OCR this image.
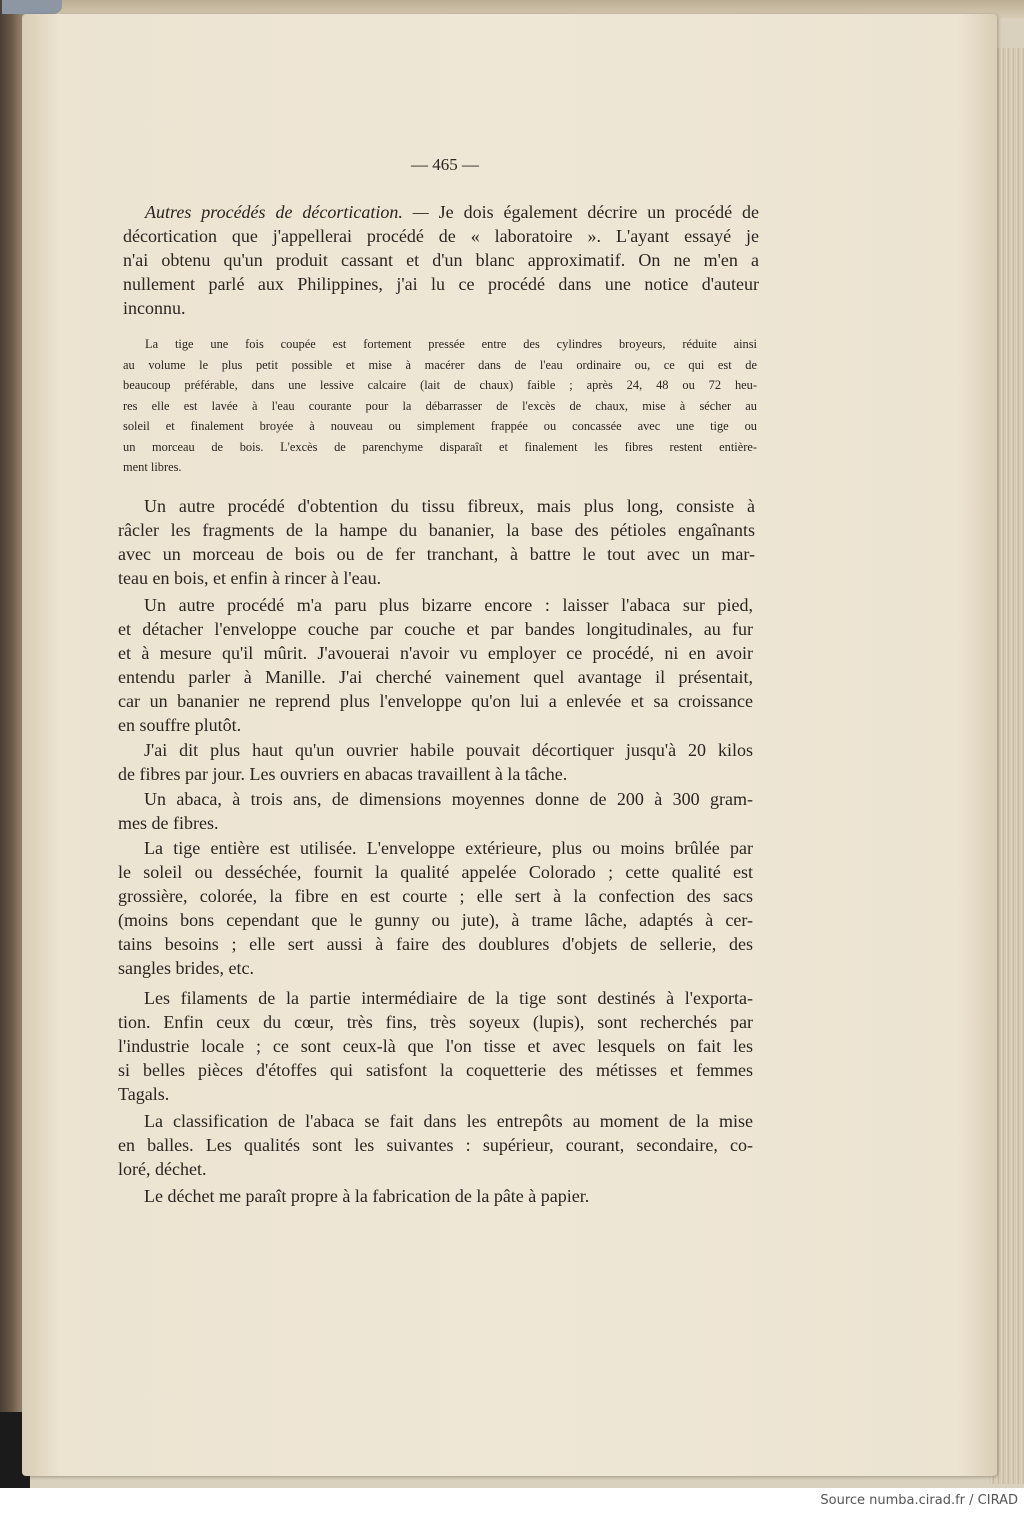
— 465 —
Autres procédés de décortication. — Je dois également décrire un procédé de
décortication que j'appellerai procédé de « laboratoire ». L'ayant essayé je
n'ai obtenu qu'un produit cassant et d'un blanc approximatif. On ne m'en a
nullement parlé aux Philippines, j'ai lu ce procédé dans une notice d'auteur
inconnu.
La tige une fois coupée est fortement pressée entre des cylindres broyeurs, réduite ainsi
au volume le plus petit possible et mise à macérer dans de l'eau ordinaire ou, ce qui est de
beaucoup préférable, dans une lessive calcaire (lait de chaux) faible ; après 24, 48 ou 72 heu-
res elle est lavée à l'eau courante pour la débarrasser de l'excès de chaux, mise à sécher au
soleil et finalement broyée à nouveau ou simplement frappée ou concassée avec une tige ou
un morceau de bois. L'excès de parenchyme disparaît et finalement les fibres restent entière-
ment libres.
Un autre procédé d'obtention du tissu fibreux, mais plus long, consiste à
râcler les fragments de la hampe du bananier, la base des pétioles engaînants
avec un morceau de bois ou de fer tranchant, à battre le tout avec un mar-
teau en bois, et enfin à rincer à l'eau.
Un autre procédé m'a paru plus bizarre encore : laisser l'abaca sur pied,
et détacher l'enveloppe couche par couche et par bandes longitudinales, au fur
et à mesure qu'il mûrit. J'avouerai n'avoir vu employer ce procédé, ni en avoir
entendu parler à Manille. J'ai cherché vainement quel avantage il présentait,
car un bananier ne reprend plus l'enveloppe qu'on lui a enlevée et sa croissance
en souffre plutôt.
J'ai dit plus haut qu'un ouvrier habile pouvait décortiquer jusqu'à 20 kilos
de fibres par jour. Les ouvriers en abacas travaillent à la tâche.
Un abaca, à trois ans, de dimensions moyennes donne de 200 à 300 gram-
mes de fibres.
La tige entière est utilisée. L'enveloppe extérieure, plus ou moins brûlée par
le soleil ou desséchée, fournit la qualité appelée Colorado ; cette qualité est
grossière, colorée, la fibre en est courte ; elle sert à la confection des sacs
(moins bons cependant que le gunny ou jute), à trame lâche, adaptés à cer-
tains besoins ; elle sert aussi à faire des doublures d'objets de sellerie, des
sangles brides, etc.
Les filaments de la partie intermédiaire de la tige sont destinés à l'exporta-
tion. Enfin ceux du cœur, très fins, très soyeux (lupis), sont recherchés par
l'industrie locale ; ce sont ceux-là que l'on tisse et avec lesquels on fait les
si belles pièces d'étoffes qui satisfont la coquetterie des métisses et femmes
Tagals.
La classification de l'abaca se fait dans les entrepôts au moment de la mise
en balles. Les qualités sont les suivantes : supérieur, courant, secondaire, co-
loré, déchet.
Le déchet me paraît propre à la fabrication de la pâte à papier.
Source numba.cirad.fr / CIRAD
